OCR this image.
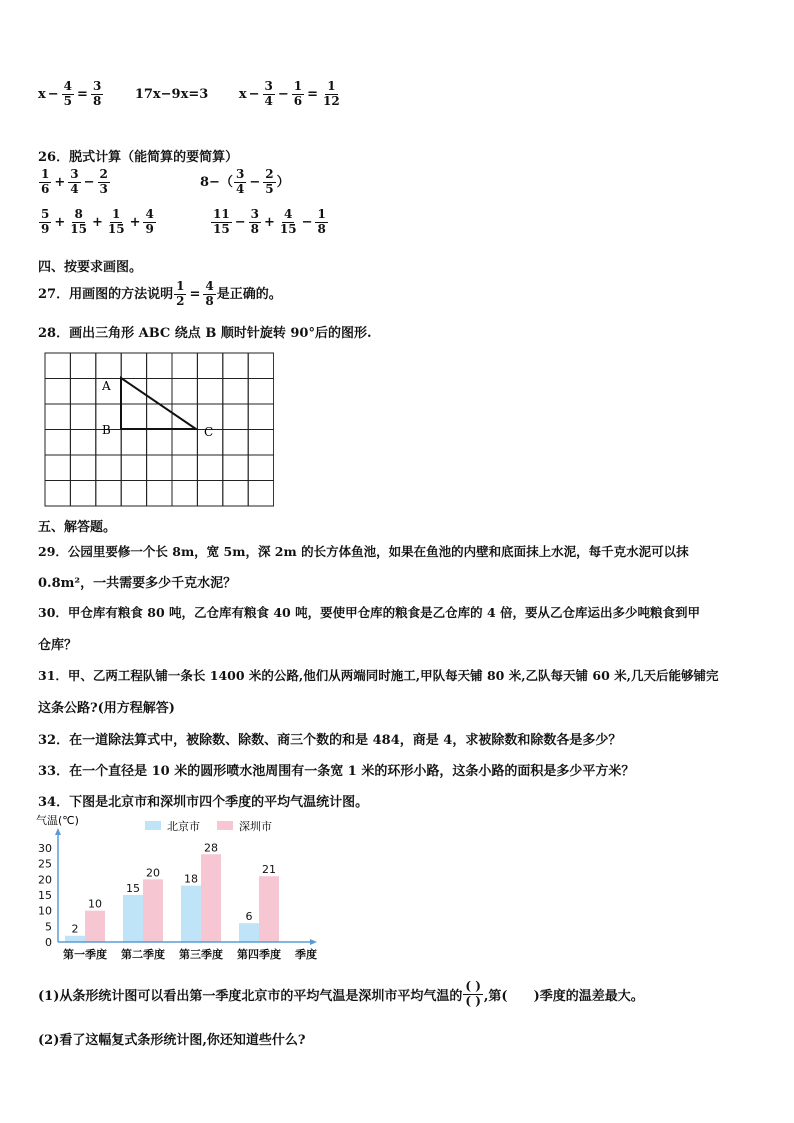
$x - \frac{4}{5} = \frac{3}{8} 17x-9x=3$ $x - \frac{3}{4} - \frac{1}{6} = \frac{1}{12}$
26．脱式计算（能简算的要简算）
$\frac{1}{6} + \frac{3}{4} - \frac{2}{3}$	$8-( \frac{3}{4} - \frac{2}{5}$ ）
$\frac{5}{9} + \frac{8}{15} + \frac{1}{15} + \frac{4}{9}$	$\frac{11}{15} - \frac{3}{8} + \frac{4}{15} - \frac{1}{8}$
四、按要求画图。
27．用画图的方法说明 $\frac{1}{2} = \frac{4}{8}$ 是正确的。
28．画出三角形 ABC 绕点 B 顺时针旋转 90°后的图形.
A
B	C
五、解答题。
29．公园里要修一个长 8m，宽 5m，深 2m 的长方体鱼池，如果在鱼池的内壁和底面抹上水泥，每千克水泥可以抹
0.8m²，一共需要多少千克水泥？
30．甲仓库有粮食 80 吨，乙仓库有粮食 40 吨，要使甲仓库的粮食是乙仓库的 4 倍，要从乙仓库运出多少吨粮食到甲
仓库？
31．甲、乙两工程队铺一条长 1400 米的公路,他们从两端同时施工,甲队每天铺 80 米,乙队每天铺 60 米,几天后能够铺完
这条公路?(用方程解答)
32．在一道除法算式中，被除数、除数、商三个数的和是 484，商是 4，求被除数和除数各是多少？
33．在一个直径是 10 米的圆形喷水池周围有一条宽 1 米的环形小路，这条小路的面积是多少平方米？
34．下图是北京市和深圳市四个季度的平均气温统计图。
气温(℃)	北京市	深圳市
0
5
10
15
20
25
30
2
10
第一季度
15
20
第二季度
18
28
第三季度
6
21
第四季度 季度
(1)从条形统计图可以看出第一季度北京市的平均气温是深圳市平均气温的 $\frac{( )}{( )}$ ,第( )季度的温差最大。
(2)看了这幅复式条形统计图,你还知道些什么?
